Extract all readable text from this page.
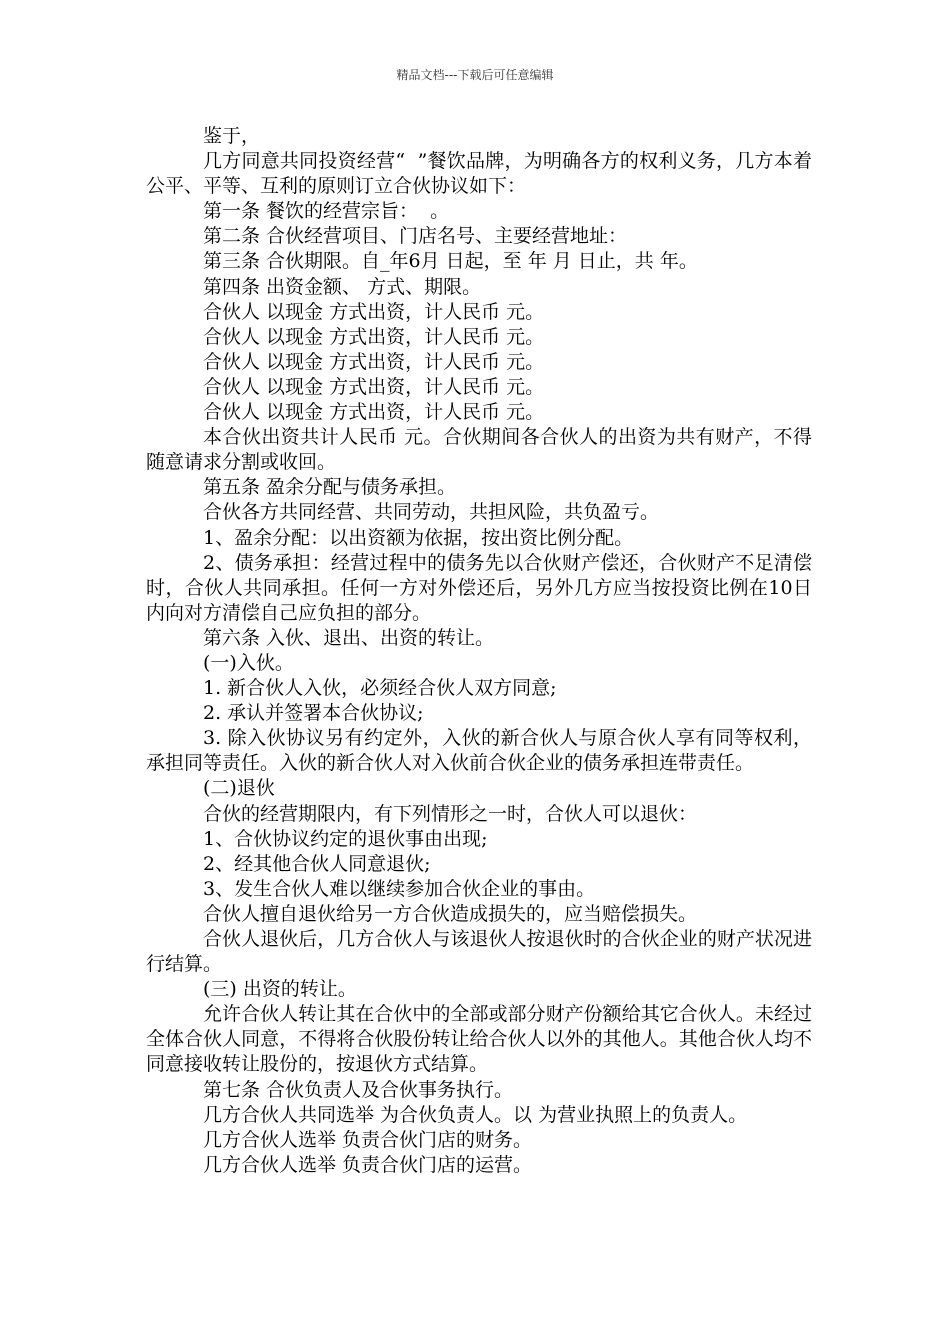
精品文档---下载后可任意编辑

鉴于，

几方同意共同投资经营“  ”餐饮品牌，为明确各方的权利义务，几方本着公平、平等、互利的原则订立合伙协议如下：

第一条 餐饮的经营宗旨：  。

第二条 合伙经营项目、门店名号、主要经营地址：

第三条 合伙期限。自_年6月 日起，至 年 月 日止，共 年。

第四条 出资金额、 方式、期限。

合伙人 以现金 方式出资，计人民币 元。

合伙人 以现金 方式出资，计人民币 元。

合伙人 以现金 方式出资，计人民币 元。

合伙人 以现金 方式出资，计人民币 元。

合伙人 以现金 方式出资，计人民币 元。

本合伙出资共计人民币 元。合伙期间各合伙人的出资为共有财产，不得随意请求分割或收回。

第五条 盈余分配与债务承担。

合伙各方共同经营、共同劳动，共担风险，共负盈亏。

1、盈余分配：以出资额为依据，按出资比例分配。

2、债务承担：经营过程中的债务先以合伙财产偿还，合伙财产不足清偿时，合伙人共同承担。任何一方对外偿还后，另外几方应当按投资比例在10日内向对方清偿自己应负担的部分。

第六条 入伙、退出、出资的转让。

(一)入伙。

1. 新合伙人入伙，必须经合伙人双方同意;

2. 承认并签署本合伙协议;

3. 除入伙协议另有约定外，入伙的新合伙人与原合伙人享有同等权利，承担同等责任。入伙的新合伙人对入伙前合伙企业的债务承担连带责任。

(二)退伙

合伙的经营期限内，有下列情形之一时，合伙人可以退伙：

1、合伙协议约定的退伙事由出现;

2、经其他合伙人同意退伙;

3、发生合伙人难以继续参加合伙企业的事由。

合伙人擅自退伙给另一方合伙造成损失的，应当赔偿损失。

合伙人退伙后，几方合伙人与该退伙人按退伙时的合伙企业的财产状况进行结算。

(三) 出资的转让。

允许合伙人转让其在合伙中的全部或部分财产份额给其它合伙人。未经过全体合伙人同意，不得将合伙股份转让给合伙人以外的其他人。其他合伙人均不同意接收转让股份的，按退伙方式结算。

第七条 合伙负责人及合伙事务执行。

几方合伙人共同选举 为合伙负责人。以 为营业执照上的负责人。

几方合伙人选举 负责合伙门店的财务。

几方合伙人选举 负责合伙门店的运营。
